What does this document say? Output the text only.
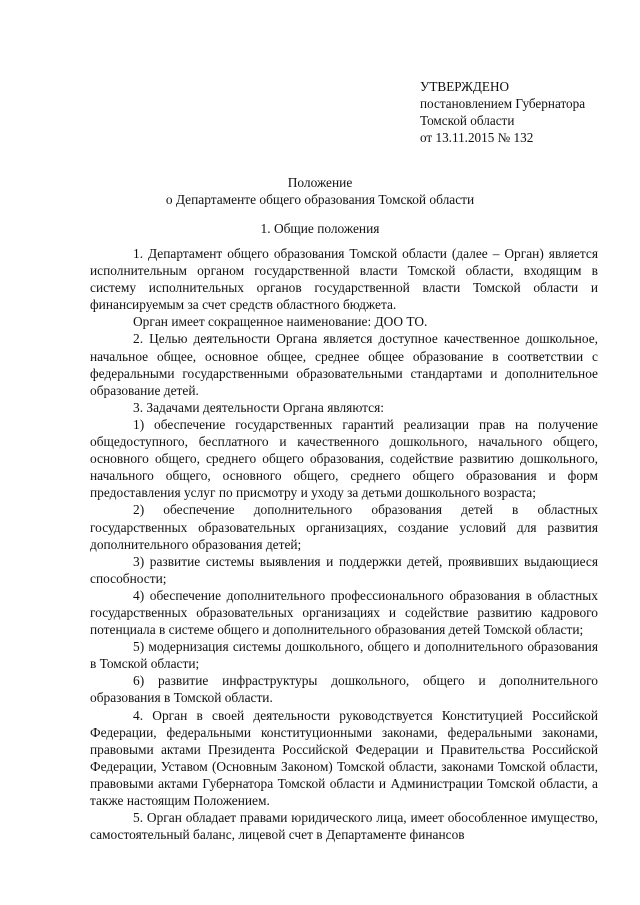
УТВЕРЖДЕНО
постановлением Губернатора
Томской области
от 13.11.2015 № 132
Положение
о Департаменте общего образования Томской области
1. Общие положения

1. Департамент общего образования Томской области (далее – Орган) является исполнительным органом государственной власти Томской области, входящим в систему исполнительных органов государственной власти Томской области и финансируемым за счет средств областного бюджета.

Орган имеет сокращенное наименование: ДОО ТО.

2. Целью деятельности Органа является доступное качественное дошкольное, начальное общее, основное общее, среднее общее образование в соответствии с федеральными государственными образовательными стандартами и дополнительное образование детей.

3. Задачами деятельности Органа являются:

1) обеспечение государственных гарантий реализации прав на получение общедоступного, бесплатного и качественного дошкольного, начального общего, основного общего, среднего общего образования, содействие развитию дошкольного, начального общего, основного общего, среднего общего образования и форм предоставления услуг по присмотру и уходу за детьми дошкольного возраста;

2) обеспечение дополнительного образования детей в областных государственных образовательных организациях, создание условий для развития дополнительного образования детей;

3) развитие системы выявления и поддержки детей, проявивших выдающиеся способности;

4) обеспечение дополнительного профессионального образования в областных государственных образовательных организациях и содействие развитию кадрового потенциала в системе общего и дополнительного образования детей Томской области;

5) модернизация системы дошкольного, общего и дополнительного образования в Томской области;

6) развитие инфраструктуры дошкольного, общего и дополнительного образования в Томской области.

4. Орган в своей деятельности руководствуется Конституцией Российской Федерации, федеральными конституционными законами, федеральными законами, правовыми актами Президента Российской Федерации и Правительства Российской Федерации, Уставом (Основным Законом) Томской области, законами Томской области, правовыми актами Губернатора Томской области и Администрации Томской области, а также настоящим Положением.

5. Орган обладает правами юридического лица, имеет обособленное имущество, самостоятельный баланс, лицевой счет в Департаменте финансов
